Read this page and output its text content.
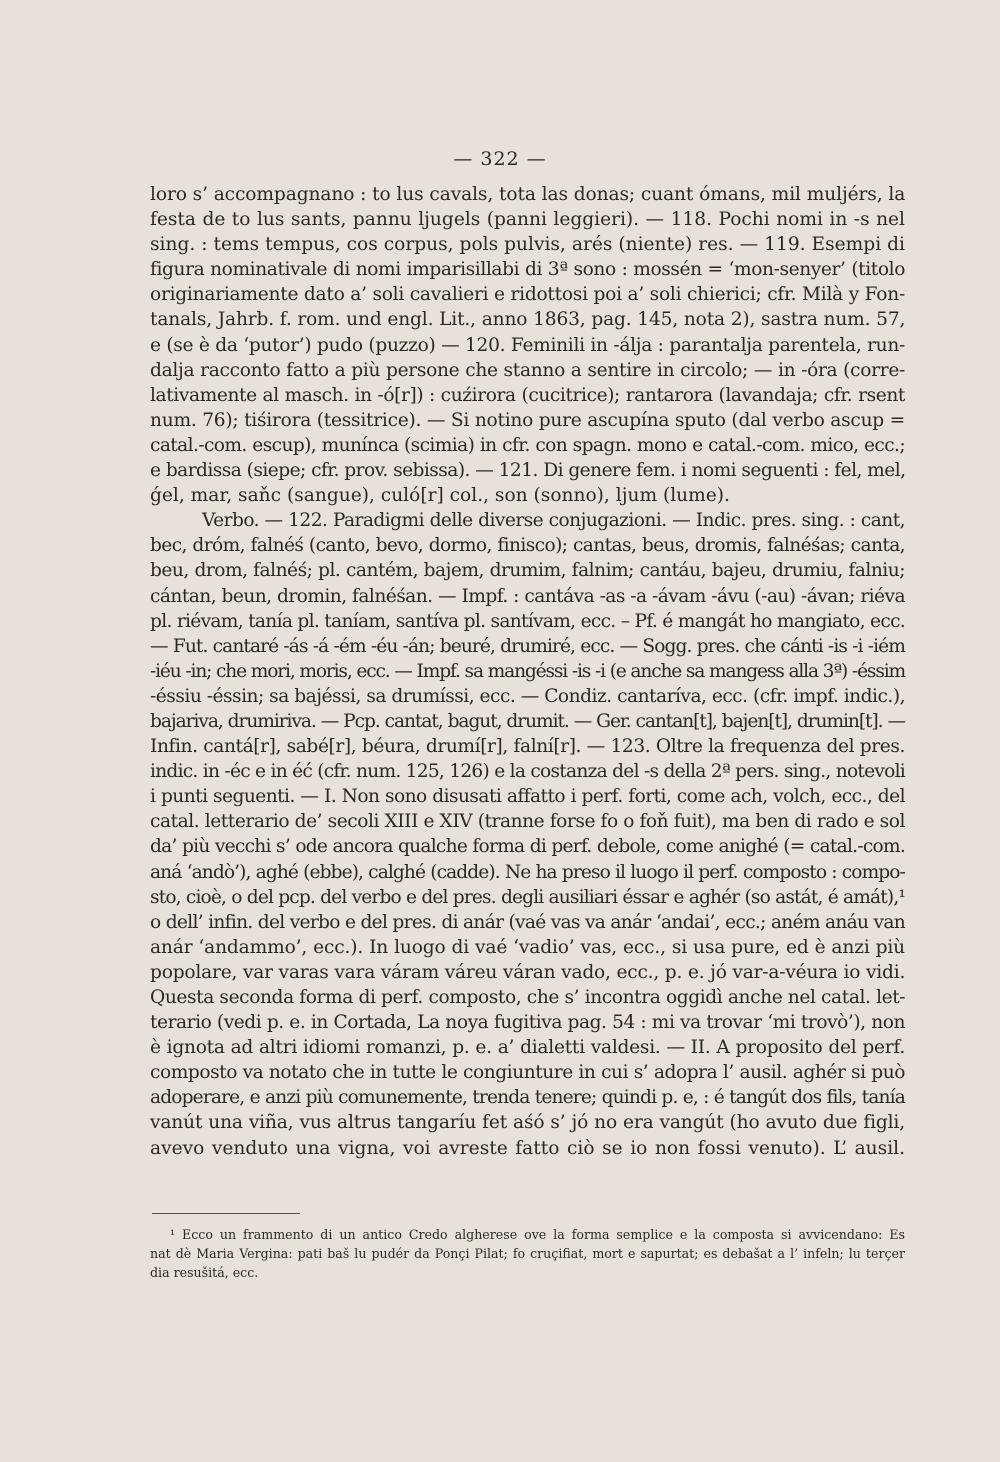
— 322 —
loro s’ accompagnano : to lus cavals, tota las donas; cuant ómans, mil muljérs, la
festa de to lus sants, pannu ljugels (panni leggieri). — 118. Pochi nomi in -s nel
sing. : tems tempus, cos corpus, pols pulvis, arés (niente) res. — 119. Esempi di
figura nominativale di nomi imparisillabi di 3ª sono : mossén = ‘mon-senyer’ (titolo
originariamente dato a’ soli cavalieri e ridottosi poi a’ soli chierici; cfr. Milà y Fon-
tanals, Jahrb. f. rom. und engl. Lit., anno 1863, pag. 145, nota 2), sastra num. 57,
e (se è da ‘putor’) pudo (puzzo) — 120. Feminili in -álja : parantalja parentela, run-
dalja racconto fatto a più persone che stanno a sentire in circolo; — in -óra (corre-
lativamente al masch. in -ó[r]) : cuźirora (cucitrice); rantarora (lavandaja; cfr. rsent
num. 76); tiśirora (tessitrice). — Si notino pure ascupína sputo (dal verbo ascup =
catal.-com. escup), munínca (scimia) in cfr. con spagn. mono e catal.-com. mico, ecc.;
e bardissa (siepe; cfr. prov. sebissa). — 121. Di genere fem. i nomi seguenti : fel, mel,
ǵel, mar, saňc (sangue), culó[r] col., son (sonno), ljum (lume).
Verbo. — 122. Paradigmi delle diverse conjugazioni. — Indic. pres. sing. : cant,
bec, dróm, falnéś (canto, bevo, dormo, finisco); cantas, beus, dromis, falnéśas; canta,
beu, drom, falnéś; pl. cantém, bajem, drumim, falnim; cantáu, bajeu, drumiu, falniu;
cántan, beun, dromin, falnéśan. — Impf. : cantáva -as -a -ávam -ávu (-au) -ávan; riéva
pl. riévam, tanía pl. taníam, santíva pl. santívam, ecc. – Pf. é mangát ho mangiato, ecc.
— Fut. cantaré -ás -á -ém -éu -án; beuré, drumiré, ecc. — Sogg. pres. che cánti -is -i -iém
-iéu -in; che mori, moris, ecc. — Impf. sa mangéssi -is -i (e anche sa mangess alla 3ª) -éssim
-éssiu -éssin; sa bajéssi, sa drumíssi, ecc. — Condiz. cantaríva, ecc. (cfr. impf. indic.),
bajariva, drumiriva. — Pcp. cantat, bagut, drumit. — Ger. cantan[t], bajen[t], drumin[t]. —
Infin. cantá[r], sabé[r], béura, drumí[r], falní[r]. — 123. Oltre la frequenza del pres.
indic. in -éc e in éć (cfr. num. 125, 126) e la costanza del -s della 2ª pers. sing., notevoli
i punti seguenti. — I. Non sono disusati affatto i perf. forti, come ach, volch, ecc., del
catal. letterario de’ secoli XIII e XIV (tranne forse fo o foň fuit), ma ben di rado e sol
da’ più vecchi s’ ode ancora qualche forma di perf. debole, come anighé (= catal.-com.
aná ‘andò’), aghé (ebbe), calghé (cadde). Ne ha preso il luogo il perf. composto : compo-
sto, cioè, o del pcp. del verbo e del pres. degli ausiliari éssar e aghér (so astát, é amát),¹
o dell’ infin. del verbo e del pres. di anár (vaé vas va anár ‘andai’, ecc.; aném anáu van
anár ‘andammo’, ecc.). In luogo di vaé ‘vadio’ vas, ecc., si usa pure, ed è anzi più
popolare, var varas vara váram váreu váran vado, ecc., p. e. jó var-a-véura io vidi.
Questa seconda forma di perf. composto, che s’ incontra oggidì anche nel catal. let-
terario (vedi p. e. in Cortada, La noya fugitiva pag. 54 : mi va trovar ‘mi trovò’), non
è ignota ad altri idiomi romanzi, p. e. a’ dialetti valdesi. — II. A proposito del perf.
composto va notato che in tutte le congiunture in cui s’ adopra l’ ausil. aghér si può
adoperare, e anzi più comunemente, trenda tenere; quindi p. e, : é tangút dos fils, tanía
vanút una viña, vus altrus tangaríu fet aśó s’ jó no era vangút (ho avuto due figli,
avevo venduto una vigna, voi avreste fatto ciò se io non fossi venuto). L’ ausil.
¹ Ecco un frammento di un antico Credo algherese ove la forma semplice e la composta si avvicendano: Es
nat dè Maria Vergina: pati baš lu pudér da Ponçi Pilat; fo cruçifiat, mort e sapurtat; es debašat a l’ infeln; lu terçer
dia resušitá, ecc.
